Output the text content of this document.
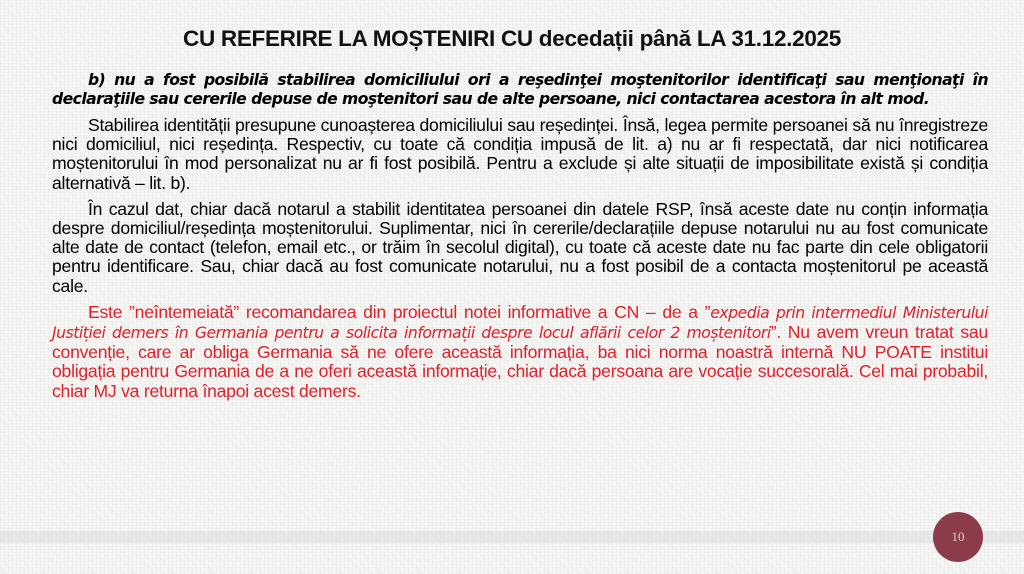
CU REFERIRE LA MOȘTENIRI CU decedații până LA 31.12.2025

b) nu a fost posibilă stabilirea domiciliului ori a reşedinţei moştenitorilor identificaţi sau menţionaţi în declaraţiile sau cererile depuse de moştenitori sau de alte persoane, nici contactarea acestora în alt mod.

Stabilirea identității presupune cunoașterea domiciliului sau reședinței. Însă, legea permite persoanei să nu înregistreze nici domiciliul, nici reședința. Respectiv, cu toate că condiția impusă de lit. a) nu ar fi respectată, dar nici notificarea moștenitorului în mod personalizat nu ar fi fost posibilă. Pentru a exclude și alte situații de imposibilitate există și condiția alternativă – lit. b).

În cazul dat, chiar dacă notarul a stabilit identitatea persoanei din datele RSP, însă aceste date nu conțin informația despre domiciliul/reședința moștenitorului. Suplimentar, nici în cererile/declarațiile depuse notarului nu au fost comunicate alte date de contact (telefon, email etc., or trăim în secolul digital), cu toate că aceste date nu fac parte din cele obligatorii pentru identificare. Sau, chiar dacă au fost comunicate notarului, nu a fost posibil de a contacta moștenitorul pe această cale.

Este ”neîntemeiată” recomandarea din proiectul notei informative a CN – de a ”expedia prin intermediul Ministerului Justiției demers în Germania pentru a solicita informații despre locul aflării celor 2 moștenitori”. Nu avem vreun tratat sau convenție, care ar obliga Germania să ne ofere această informația, ba nici norma noastră internă NU POATE institui obligația pentru Germania de a ne oferi această informație, chiar dacă persoana are vocație succesorală. Cel mai probabil, chiar MJ va returna înapoi acest demers.

10
